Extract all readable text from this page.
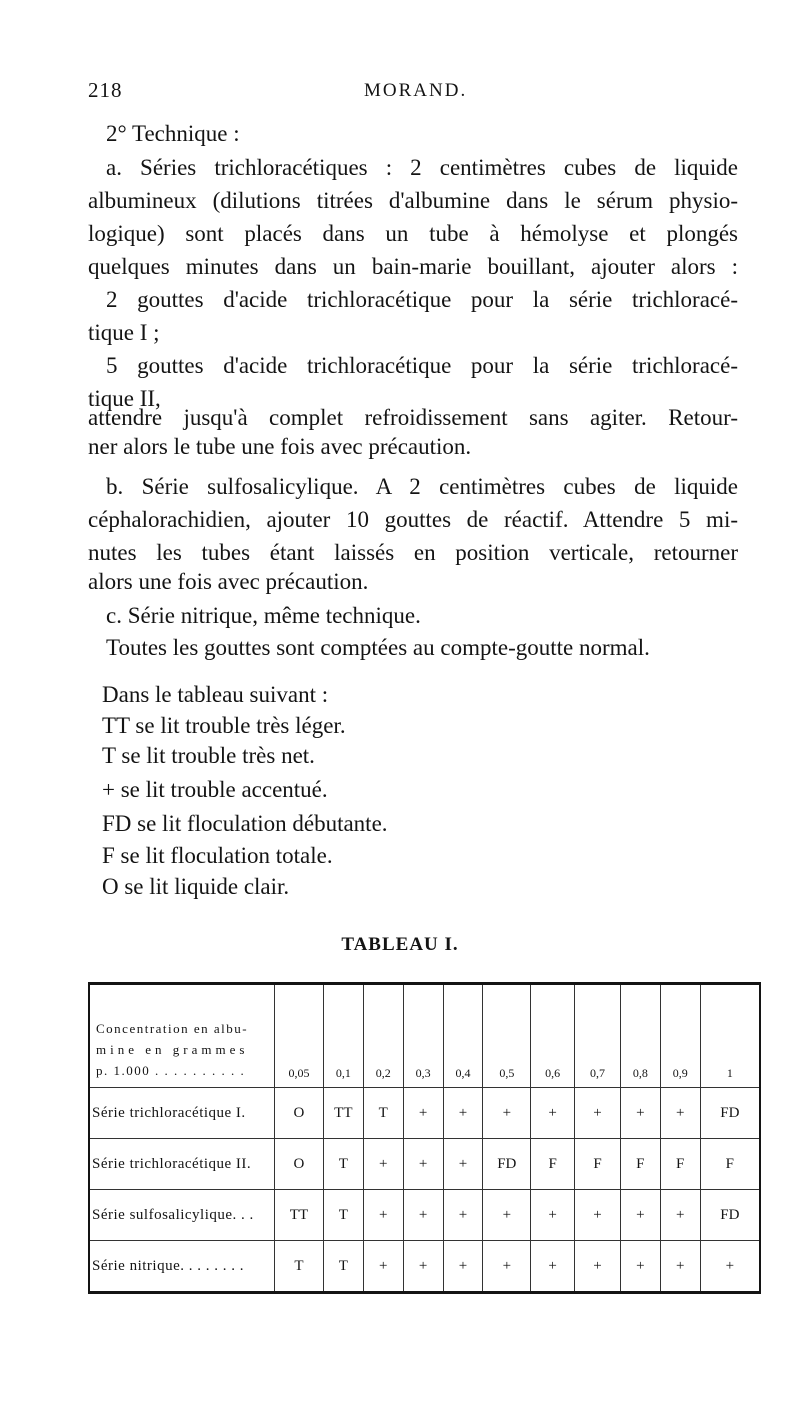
218	MORAND.
2° Technique :
a. Séries trichloracétiques : 2 centimètres cubes de liquide
albumineux (dilutions titrées d'albumine dans le sérum physio-
logique) sont placés dans un tube à hémolyse et plongés
quelques minutes dans un bain-marie bouillant, ajouter alors :
2 gouttes d'acide trichloracétique pour la série trichloracé-
tique I ;
5 gouttes d'acide trichloracétique pour la série trichloracé-
tique II,
attendre jusqu'à complet refroidissement sans agiter. Retour-
ner alors le tube une fois avec précaution.
b. Série sulfosalicylique. A 2 centimètres cubes de liquide
céphalorachidien, ajouter 10 gouttes de réactif. Attendre 5 mi-
nutes les tubes étant laissés en position verticale, retourner
alors une fois avec précaution.
c. Série nitrique, même technique.
Toutes les gouttes sont comptées au compte-goutte normal.
Dans le tableau suivant :
TT se lit trouble très léger.
T se lit trouble très net.
+ se lit trouble accentué.
FD se lit floculation débutante.
F se lit floculation totale.
O se lit liquide clair.
TABLEAU I.
Concentration en albu-
mine en grammes
p. 1.000 . . . . . . . . . .	0,05	0,1	0,2	0,3	0,4	0,5	0,6	0,7	0,8	0,9	1
Série trichloracétique I.	O	TT	T	+	+	+	+	+	+	+	FD
Série trichloracétique II.	O	T	+	+	+	FD	F	F	F	F	F
Série sulfosalicylique. . .	TT	T	+	+	+	+	+	+	+	+	FD
Série nitrique. . . . . . . .	T	T	+	+	+	+	+	+	+	+	+
